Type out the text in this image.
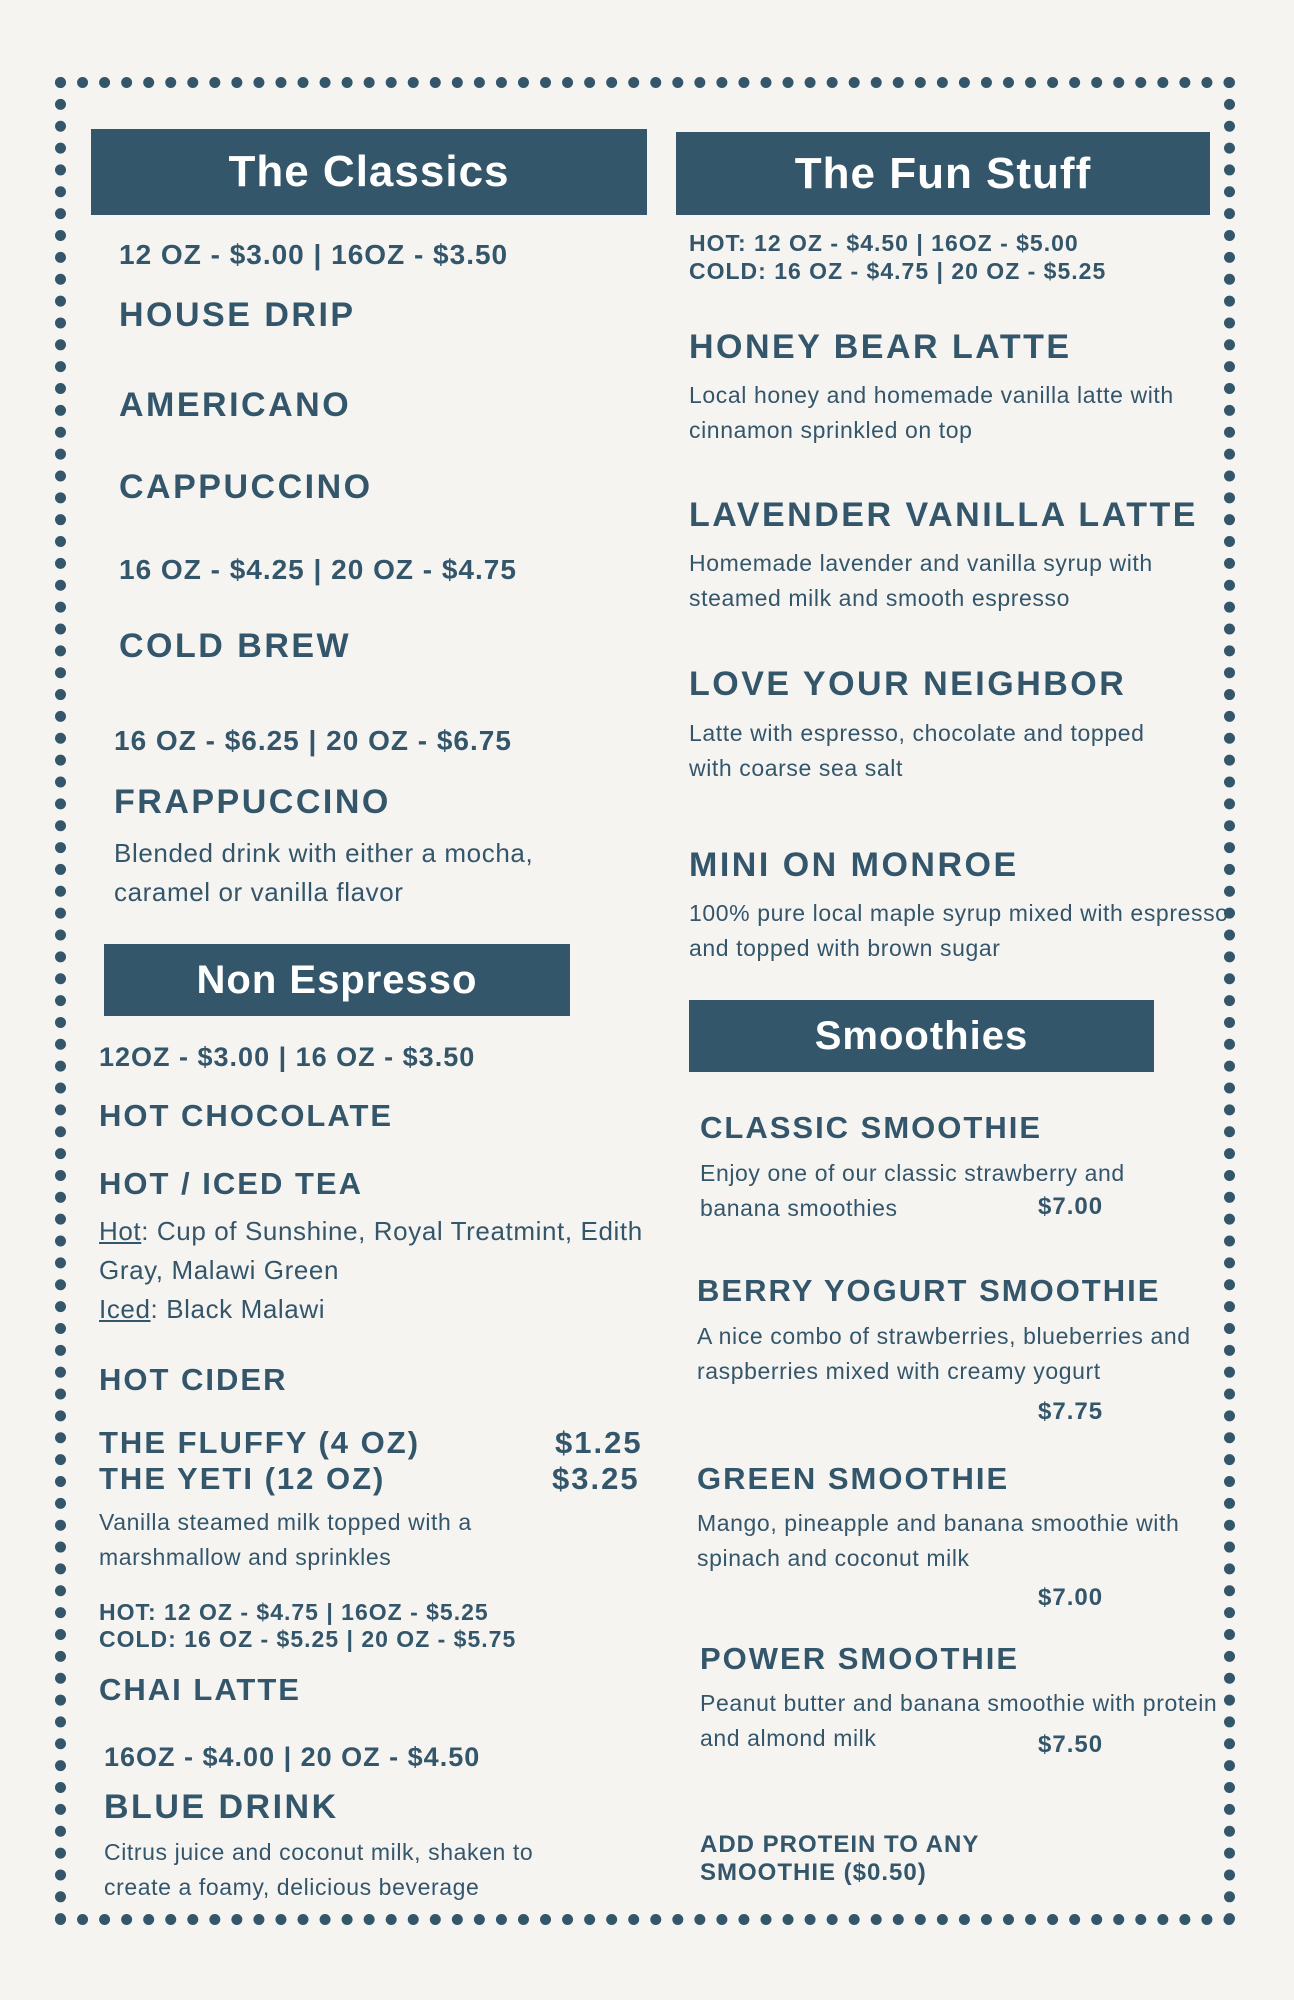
The Classics
12 OZ - $3.00 | 16OZ - $3.50
HOUSE DRIP
AMERICANO
CAPPUCCINO
16 OZ - $4.25 | 20 OZ - $4.75
COLD BREW
16 OZ - $6.25 | 20 OZ - $6.75
FRAPPUCCINO
Blended drink with either a mocha, caramel or vanilla flavor
Non Espresso
12OZ - $3.00 | 16 OZ - $3.50
HOT CHOCOLATE
HOT / ICED TEA
Hot: Cup of Sunshine, Royal Treatmint, Edith Gray, Malawi Green
Iced: Black Malawi
HOT CIDER
THE FLUFFY (4 OZ)	$1.25
THE YETI (12 OZ)	$3.25
Vanilla steamed milk topped with a marshmallow and sprinkles
HOT: 12 OZ - $4.75 | 16OZ - $5.25
COLD: 16 OZ - $5.25 | 20 OZ - $5.75
CHAI LATTE
16OZ - $4.00 | 20 OZ - $4.50
BLUE DRINK
Citrus juice and coconut milk, shaken to create a foamy, delicious beverage
The Fun Stuff
HOT: 12 OZ - $4.50 | 16OZ - $5.00
COLD: 16 OZ - $4.75 | 20 OZ - $5.25
HONEY BEAR LATTE
Local honey and homemade vanilla latte with cinnamon sprinkled on top
LAVENDER VANILLA LATTE
Homemade lavender and vanilla syrup with steamed milk and smooth espresso
LOVE YOUR NEIGHBOR
Latte with espresso, chocolate and topped with coarse sea salt
MINI ON MONROE
100% pure local maple syrup mixed with espresso and topped with brown sugar
Smoothies
CLASSIC SMOOTHIE
Enjoy one of our classic strawberry and banana smoothies	$7.00
BERRY YOGURT SMOOTHIE
A nice combo of strawberries, blueberries and raspberries mixed with creamy yogurt
$7.75
GREEN SMOOTHIE
Mango, pineapple and banana smoothie with spinach and coconut milk
$7.00
POWER SMOOTHIE
Peanut butter and banana smoothie with protein and almond milk	$7.50
ADD PROTEIN TO ANY
SMOOTHIE ($0.50)
